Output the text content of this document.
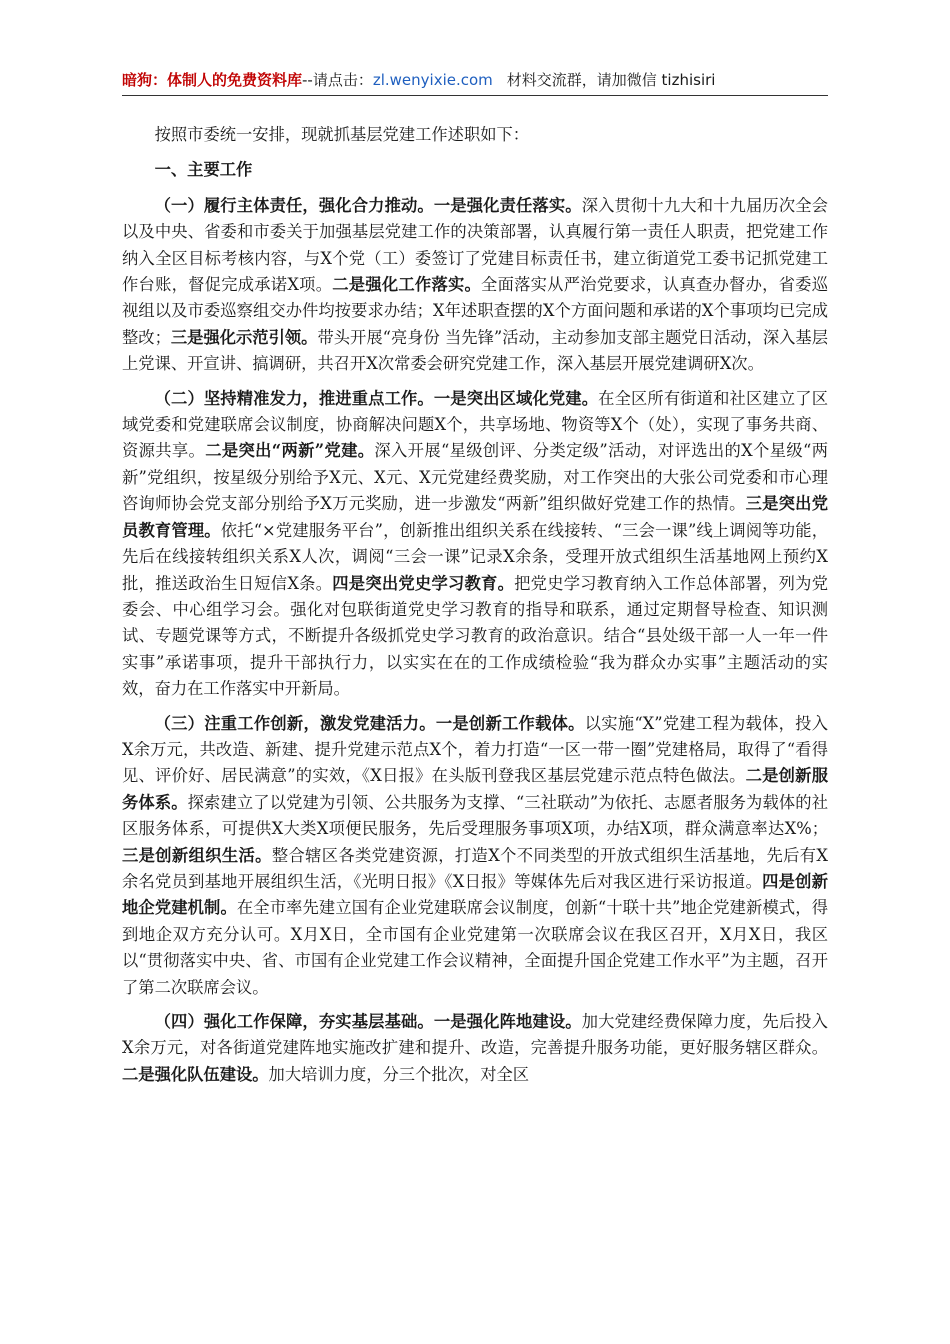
暗狗：体制人的免费资料库--请点击：zl.wenyixie.com 材料交流群，请加微信 tizhisiri

按照市委统一安排，现就抓基层党建工作述职如下：

一、主要工作

（一）履行主体责任，强化合力推动。一是强化责任落实。深入贯彻十九大和十九届历次全会以及中央、省委和市委关于加强基层党建工作的决策部署，认真履行第一责任人职责，把党建工作纳入全区目标考核内容，与X个党（工）委签订了党建目标责任书，建立街道党工委书记抓党建工作台账，督促完成承诺X项。二是强化工作落实。全面落实从严治党要求，认真查办督办，省委巡视组以及市委巡察组交办件均按要求办结；X年述职查摆的X个方面问题和承诺的X个事项均已完成整改；三是强化示范引领。带头开展“亮身份 当先锋”活动，主动参加支部主题党日活动，深入基层上党课、开宣讲、搞调研，共召开X次常委会研究党建工作，深入基层开展党建调研X次。

（二）坚持精准发力，推进重点工作。一是突出区域化党建。在全区所有街道和社区建立了区域党委和党建联席会议制度，协商解决问题X个，共享场地、物资等X个（处），实现了事务共商、资源共享。二是突出“两新”党建。深入开展“星级创评、分类定级”活动，对评选出的X个星级“两新”党组织，按星级分别给予X元、X元、X元党建经费奖励，对工作突出的大张公司党委和市心理咨询师协会党支部分别给予X万元奖励，进一步激发“两新”组织做好党建工作的热情。三是突出党员教育管理。依托“×党建服务平台”，创新推出组织关系在线接转、“三会一课”线上调阅等功能，先后在线接转组织关系X人次，调阅“三会一课”记录X余条，受理开放式组织生活基地网上预约X批，推送政治生日短信X条。四是突出党史学习教育。把党史学习教育纳入工作总体部署，列为党委会、中心组学习会。强化对包联街道党史学习教育的指导和联系，通过定期督导检查、知识测试、专题党课等方式，不断提升各级抓党史学习教育的政治意识。结合“县处级干部一人一年一件实事”承诺事项，提升干部执行力，以实实在在的工作成绩检验“我为群众办实事”主题活动的实效，奋力在工作落实中开新局。

（三）注重工作创新，激发党建活力。一是创新工作载体。以实施“X”党建工程为载体，投入X余万元，共改造、新建、提升党建示范点X个，着力打造“一区一带一圈”党建格局，取得了“看得见、评价好、居民满意”的实效，《X日报》在头版刊登我区基层党建示范点特色做法。二是创新服务体系。探索建立了以党建为引领、公共服务为支撑、“三社联动”为依托、志愿者服务为载体的社区服务体系，可提供X大类X项便民服务，先后受理服务事项X项，办结X项，群众满意率达X%；三是创新组织生活。整合辖区各类党建资源，打造X个不同类型的开放式组织生活基地，先后有X余名党员到基地开展组织生活，《光明日报》《X日报》等媒体先后对我区进行采访报道。四是创新地企党建机制。在全市率先建立国有企业党建联席会议制度，创新“十联十共”地企党建新模式，得到地企双方充分认可。X月X日，全市国有企业党建第一次联席会议在我区召开，X月X日，我区以“贯彻落实中央、省、市国有企业党建工作会议精神，全面提升国企党建工作水平”为主题，召开了第二次联席会议。

（四）强化工作保障，夯实基层基础。一是强化阵地建设。加大党建经费保障力度，先后投入X余万元，对各街道党建阵地实施改扩建和提升、改造，完善提升服务功能，更好服务辖区群众。二是强化队伍建设。加大培训力度，分三个批次，对全区
